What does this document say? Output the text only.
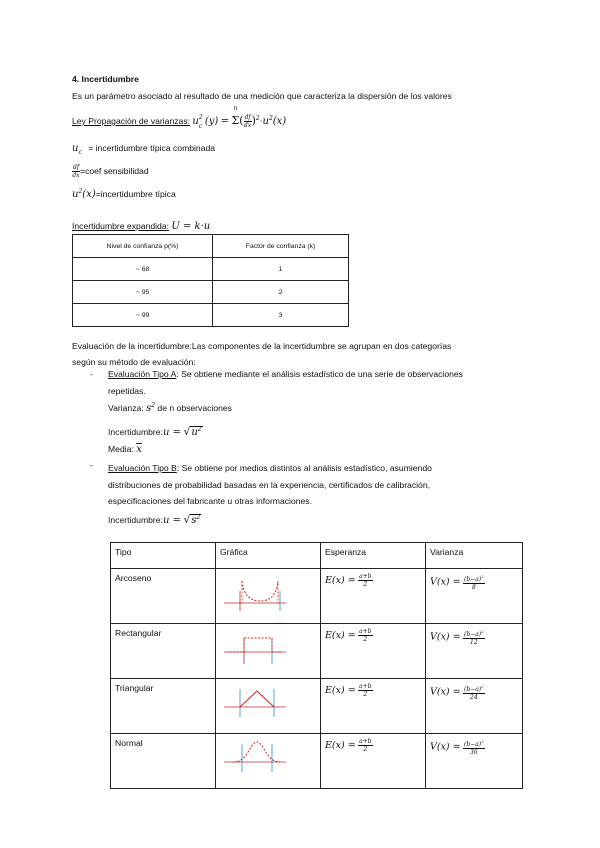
4. Incertidumbre
Es un parámetro asociado al resultado de una medición que caracteriza la dispersión de los valores
Ley Propagación de varianzas: u 2
c (y) =
n
$\Sigma( \frac{df}{dx} )^2\cdot u^2(x)$
$u_c$ = incertidumbre típica combinada
$\frac{df}{dx}$ =coef sensibilidad
$u^2(x)=incertidumbre$ típica
Incertidumbre expandida: U = k·u
Nivel de confianza p(%)	Factor de confianza (k)
~ 68	1
~ 95	2
~ 99	3
Evaluación de la incertidumbre:Las componentes de la incertidumbre se agrupan en dos categorías
según su método de evaluación:
- Evaluación Tipo A: Se obtiene mediante el análisis estadístico de una serie de observaciones
repetidas.
Varianza: $s^2$ de n observaciones
Incertidumbre:u = $√u^2$
Media: $\overline{x}$
- Evaluación Tipo B: Se obtiene por medios distintos al análisis estadístico, asumiendo
distribuciones de probabilidad basadas en la experiencia, certificados de calibración,
especificaciones del fabricante u otras informaciones.
Incertidumbre:u = $√s^2$
Tipo	Gráfica	Esperanza	Varianza
Arcoseno		$E(x) = \frac{a+b}{2}$	$V(x) = \frac{(b-a)^2}{8}$

Rectangular		$E(x) = \frac{a+b}{2}$	$V(x) = \frac{(b-a)^2}{12}$

Triangular		$E(x) = \frac{a+b}{2}$	$V(x) = \frac{(b-a)^2}{24}$

Normal		$E(x) = \frac{a+b}{2}$	$V(x) = \frac{(b-a)^2}{36}$
